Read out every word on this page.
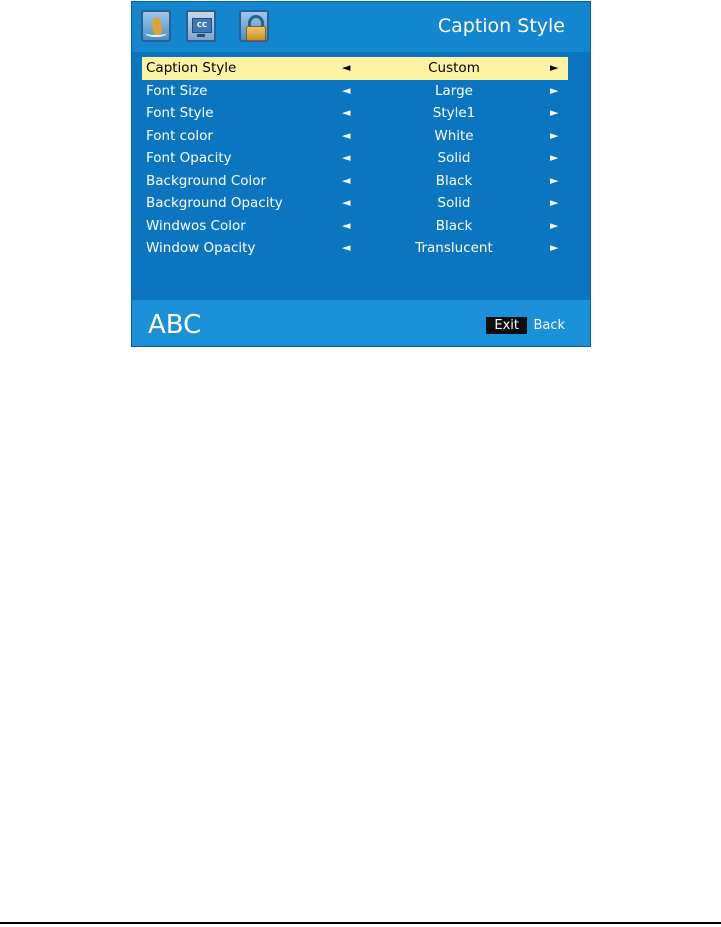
CC	Caption Style
Caption Style	◄	Custom	►
Font Size	◄	Large	►
Font Style	◄	Style1	►
Font color	◄	White	►
Font Opacity	◄	Solid	►
Background Color	◄	Black	►
Background Opacity	◄	Solid	►
Windwos Color	◄	Black	►
Window Opacity	◄	Translucent	►
ABC	Exit	Back
